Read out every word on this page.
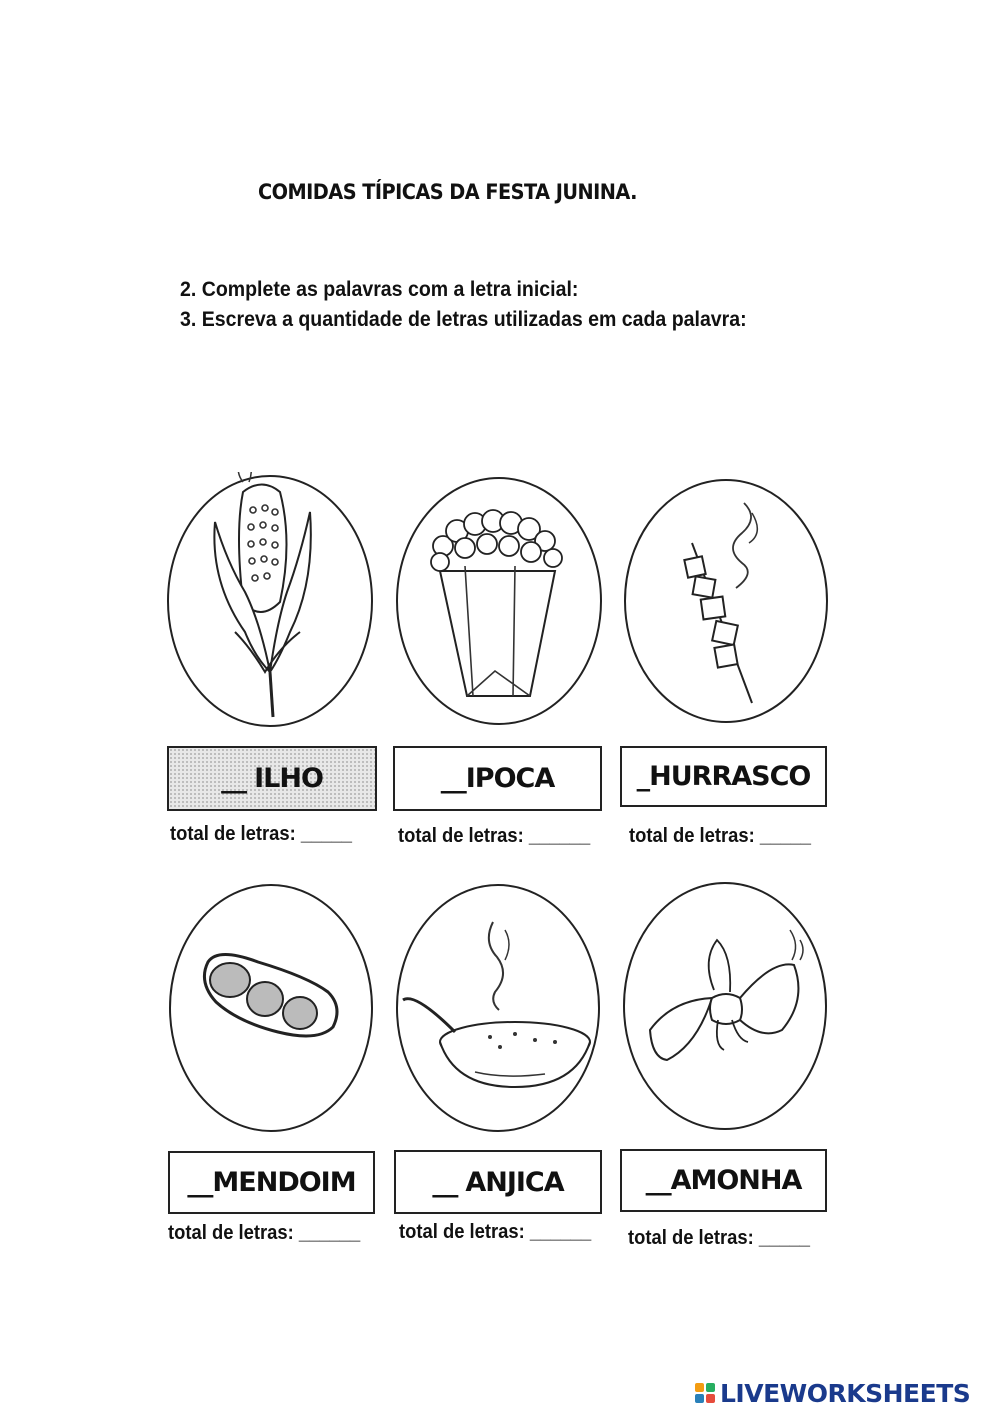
COMIDAS TÍPICAS DA FESTA JUNINA.
2. Complete as palavras com a letra inicial:
3. Escreva a quantidade de letras utilizadas em cada palavra:
__ ILHO	__ IPOCA	_ HURRASCO
total de letras: _____ total de letras: ______ total de letras: _____
__ MENDOIM	__ ANJICA	__ AMONHA
total de letras: ______ total de letras: ______ total de letras: _____
LIVEWORKSHEETS
